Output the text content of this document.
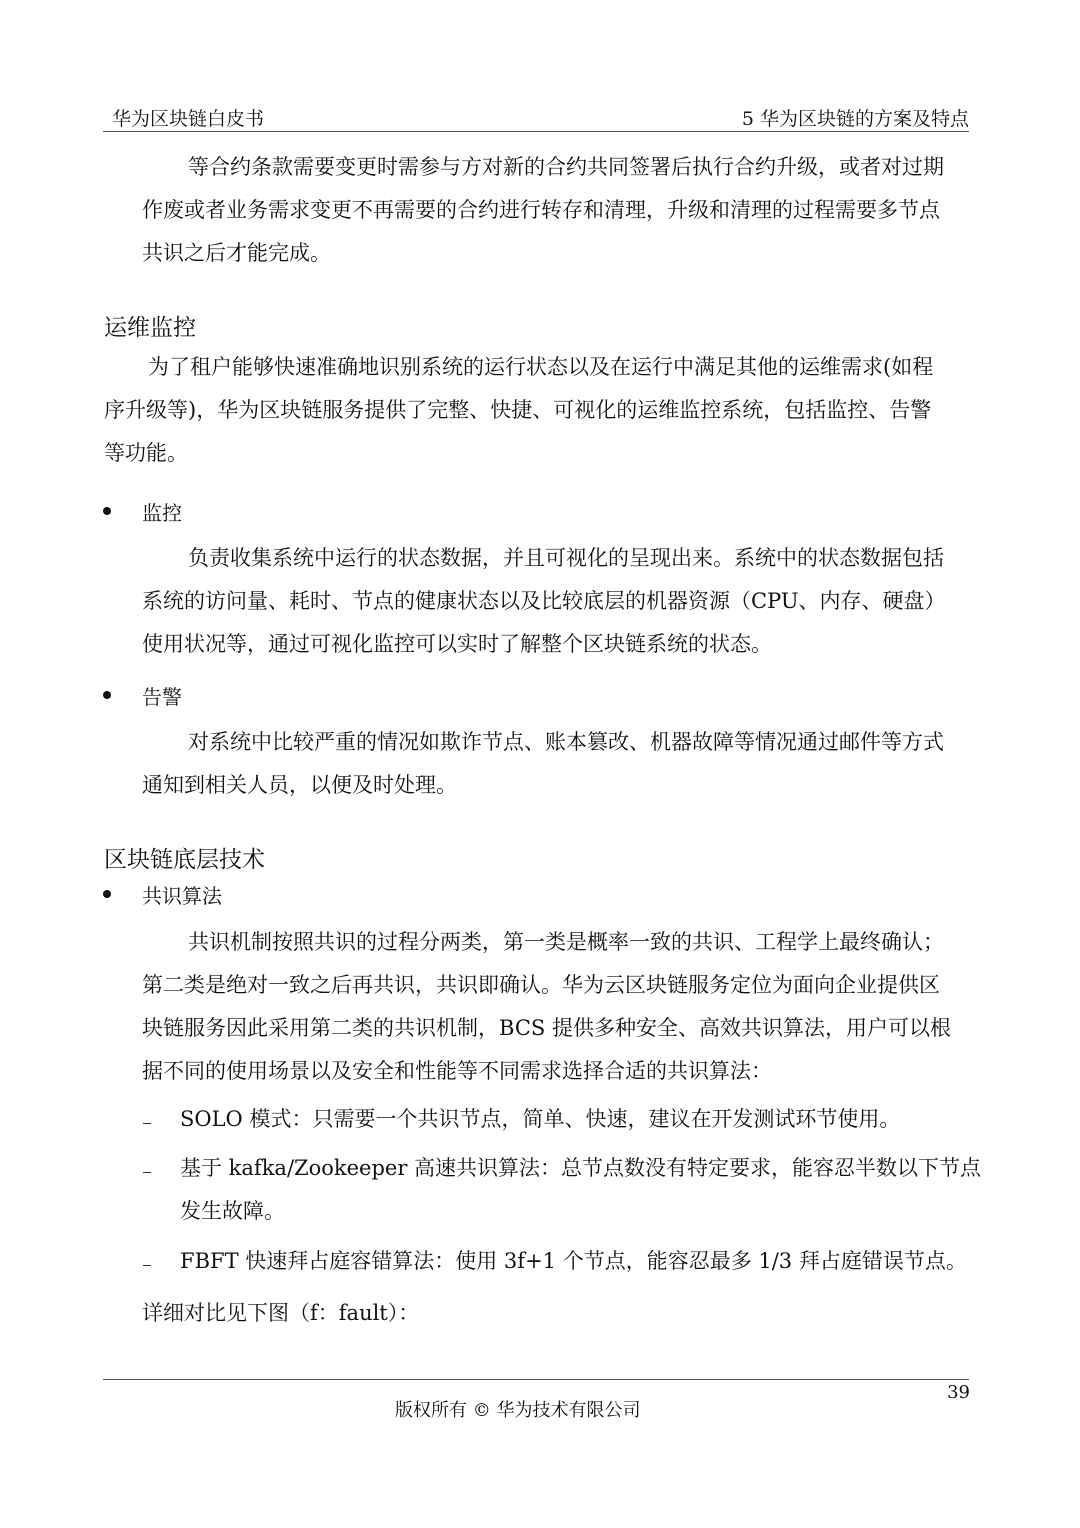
华为区块链白皮书	5 华为区块链的方案及特点
等合约条款需要变更时需参与方对新的合约共同签署后执行合约升级，或者对过期
作废或者业务需求变更不再需要的合约进行转存和清理，升级和清理的过程需要多节点
共识之后才能完成。
运维监控
为了租户能够快速准确地识别系统的运行状态以及在运行中满足其他的运维需求(如程
序升级等)，华为区块链服务提供了完整、快捷、可视化的运维监控系统，包括监控、告警
等功能。
监控
负责收集系统中运行的状态数据，并且可视化的呈现出来。系统中的状态数据包括
系统的访问量、耗时、节点的健康状态以及比较底层的机器资源（CPU、内存、硬盘）
使用状况等，通过可视化监控可以实时了解整个区块链系统的状态。
告警
对系统中比较严重的情况如欺诈节点、账本篡改、机器故障等情况通过邮件等方式
通知到相关人员，以便及时处理。
区块链底层技术
共识算法
共识机制按照共识的过程分两类，第一类是概率一致的共识、工程学上最终确认；
第二类是绝对一致之后再共识，共识即确认。华为云区块链服务定位为面向企业提供区
块链服务因此采用第二类的共识机制，BCS 提供多种安全、高效共识算法，用户可以根
据不同的使用场景以及安全和性能等不同需求选择合适的共识算法：
SOLO 模式：只需要一个共识节点，简单、快速，建议在开发测试环节使用。
基于 kafka/Zookeeper 高速共识算法：总节点数没有特定要求，能容忍半数以下节点
发生故障。
FBFT 快速拜占庭容错算法：使用 3f+1 个节点，能容忍最多 1/3 拜占庭错误节点。
详细对比见下图（f：fault）：
39
版权所有 © 华为技术有限公司
